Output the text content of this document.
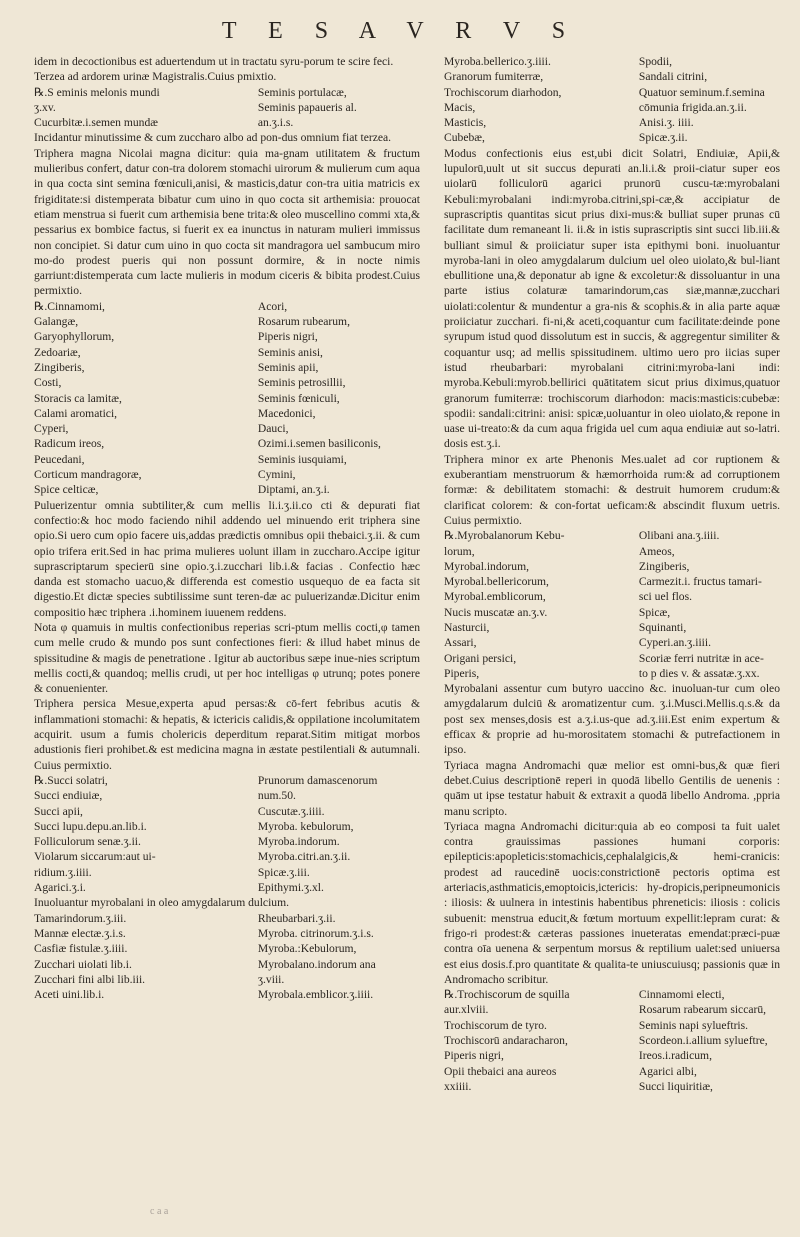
T E S A V R V S

idem in decoctionibus est aduertendum ut in tractatu syru-porum te scire feci.

Terzea ad ardorem urinæ Magistralis.Cuius pmixtio.

℞.S eminis melonis mundi	Seminis portulacæ,
ʒ.xv.	Seminis papaueris al.
Cucurbitæ.i.semen mundæ	an.ʒ.i.s.

Incidantur minutissime & cum zuccharo albo ad pon-dus omnium fiat terzea.

Triphera magna Nicolai magna dicitur: quia ma-gnam utilitatem & fructum mulieribus confert, datur con-tra dolorem stomachi uirorum & mulierum cum aqua in qua cocta sint semina fœniculi,anisi, & masticis,datur con-tra uitia matricis ex frigiditate:si distemperata bibatur cum uino in quo cocta sit arthemisia: prouocat etiam menstrua si fuerit cum arthemisia bene trita:& oleo muscellino commi xta,& pessarius ex bombice factus, si fuerit ex ea inunctus in naturam mulieri immissus non concipiet. Si datur cum uino in quo cocta sit mandragora uel sambucum miro mo-do prodest pueris qui non possunt dormire, & in nocte nimis garriunt:distemperata cum lacte mulieris in modum ciceris & bibita prodest.Cuius permixtio.

℞.Cinnamomi,	Acori,
Galangæ,	Rosarum rubearum,
Garyophyllorum,	Piperis nigri,
Zedoariæ,	Seminis anisi,
Zingiberis,	Seminis apii,
Costi,	Seminis petrosillii,
Storacis ca lamitæ,	Seminis fœniculi,
Calami aromatici,	Macedonici,
Cyperi,	Dauci,
Radicum ireos,	Ozimi.i.semen basiliconis,
Peucedani,	Seminis iusquiami,
Corticum mandragoræ,	Cymini,
Spice celticæ,	Diptami, an.ʒ.i.

Puluerizentur omnia subtiliter,& cum mellis li.i.ʒ.ii.co cti & depurati fiat confectio:& hoc modo faciendo nihil addendo uel minuendo erit triphera sine opio.Si uero cum opio facere uis,addas prædictis omnibus opii thebaici.ʒ.ii. & cum opio trifera erit.Sed in hac prima mulieres uolunt illam in zuccharo.Accipe igitur suprascriptarum specierū sine opio.ʒ.i.zucchari lib.i.& facias . Confectio hæc danda est stomacho uacuo,& differenda est comestio usquequo de ea facta sit digestio.Et dictæ species subtilissime sunt teren-dæ ac puluerizandæ.Dicitur enim compositio hæc triphera .i.hominem iuuenem reddens.

Nota φ quamuis in multis confectionibus reperias scri-ptum mellis cocti,φ tamen cum melle crudo & mundo pos sunt confectiones fieri: & illud habet minus de spissitudine & magis de penetratione . Igitur ab auctoribus sæpe inue-nies scriptum mellis cocti,& quandoq; mellis crudi, ut per hoc intelligas φ utrunq; potes ponere & conuenienter.

Triphera persica Mesue,experta apud persas:& cō-fert febribus acutis & inflammationi stomachi: & hepatis, & ictericis calidis,& oppilatione incolumitatem acquirit. usum a fumis cholericis deperditum reparat.Sitim mitigat morbos adustionis fieri prohibet.& est medicina magna in æstate pestilentiali & autumnali. Cuius permixtio.

℞.Succi solatri,	Prunorum damascenorum
Succi endiuiæ,	num.50.
Succi apii,	Cuscutæ.ʒ.iiii.
Succi lupu.depu.an.lib.i.	Myroba. kebulorum,
Folliculorum senæ.ʒ.ii.	Myroba.indorum.
Violarum siccarum:aut ui-	Myroba.citri.an.ʒ.ii.
ridium.ʒ.iiii.	Spicæ.ʒ.iii.
Agarici.ʒ.i.	Epithymi.ʒ.xl.

Inuoluantur myrobalani in oleo amygdalarum dulcium.

Tamarindorum.ʒ.iii.	Rheubarbari.ʒ.ii.
Mannæ electæ.ʒ.i.s.	Myroba. citrinorum.ʒ.i.s.
Casfiæ fistulæ.ʒ.iiii.	Myroba.:Kebulorum,
Zucchari uiolati lib.i.	Myrobalano.indorum ana
Zucchari fini albi lib.iii.	ʒ.viii.
Aceti uini.lib.i.	Myrobala.emblicor.ʒ.iiii.
Myroba.bellerico.ʒ.iiii.	Spodii,
Granorum fumiterræ,	Sandali citrini,
Trochiscorum diarhodon,	Quatuor seminum.f.semina
Macis,	cōmunia frigida.an.ʒ.ii.
Masticis,	Anisi.ʒ. iiii.
Cubebæ,	Spicæ.ʒ.ii.

Modus confectionis eius est,ubi dicit Solatri, Endiuiæ, Apii,& lupulorū,uult ut sit succus depurati an.li.i.& proii-ciatur super eos uiolarū folliculorū agarici prunorū cuscu-tæ:myrobalani Kebuli:myrobalani indi:myroba.citrini,spi-cæ,& accipiatur de suprascriptis quantitas sicut prius dixi-mus:& bulliat super prunas cū facilitate dum remaneant li. ii.& in istis suprascriptis sint succi lib.iii.& bulliant simul & proiiciatur super ista epithymi boni. inuoluantur myroba-lani in oleo amygdalarum dulcium uel oleo uiolato,& bul-liant ebullitione una,& deponatur ab igne & excoletur:& dissoluantur in una parte istius colaturæ tamarindorum,cas siæ,mannæ,zucchari uiolati:colentur & mundentur a gra-nis & scophis.& in alia parte aquæ proiiciatur zucchari. fi-ni,& aceti,coquantur cum facilitate:deinde pone syrupum istud quod dissolutum est in succis, & aggregentur similiter & coquantur usq; ad mellis spissitudinem. ultimo uero pro iicias super istud rheubarbari: myrobalani citrini:myroba-lani indi: myroba.Kebuli:myrob.bellirici quātitatem sicut prius diximus,quatuor granorum fumiterræ: trochiscorum diarhodon: macis:masticis:cubebæ: spodii: sandali:citrini: anisi: spicæ,uoluantur in oleo uiolato,& repone in uase ui-treato:& da cum aqua frigida uel cum aqua endiuiæ aut so-latri. dosis est.ʒ.i.

Triphera minor ex arte Phenonis Mes.ualet ad cor ruptionem & exuberantiam menstruorum & hæmorrhoida rum:& ad corruptionem formæ: & debilitatem stomachi: & destruit humorem crudum:& clarificat colorem: & con-fortat ueficam:& abscindit fluxum uetris. Cuius permixtio.

℞.Myrobalanorum Kebu-	Olibani ana.ʒ.iiii.
lorum,	Ameos,
Myrobal.indorum,	Zingiberis,
Myrobal.bellericorum,	Carmezit.i. fructus tamari-
Myrobal.emblicorum,	sci uel flos.
Nucis muscatæ an.ʒ.v.	Spicæ,
Nasturcii,	Squinanti,
Assari,	Cyperi.an.ʒ.iiii.
Origani persici,	Scoriæ ferri nutritæ in ace-
Piperis,	to p dies v. & assatæ.ʒ.xx.

Myrobalani assentur cum butyro uaccino &c. inuoluan-tur cum oleo amygdalarum dulciū & aromatizentur cum. ʒ.i.Musci.Mellis.q.s.& da post sex menses,dosis est a.ʒ.i.us-que ad.ʒ.iii.Est enim expertum & efficax & proprie ad hu-morositatem stomachi & putrefactionem in ipso.

Tyriaca magna Andromachi quæ melior est omni-bus,& quæ fieri debet.Cuius descriptionē reperi in quodā libello Gentilis de uenenis : quām ut ipse testatur habuit & extraxit a quodā libello Androma. ,ppria manu scripto.

Tyriaca magna Andromachi dicitur:quia ab eo composi ta fuit ualet contra grauissimas passiones humani corporis: epilepticis:apopleticis:stomachicis,cephalalgicis,& hemi-cranicis: prodest ad raucedinē uocis:constrictionē pectoris optima est arteriacis,asthmaticis,emoptoicis,ictericis: hy-dropicis,peripneumonicis : iliosis: & uulnera in intestinis habentibus phreneticis: iliosis : colicis subuenit: menstrua educit,& fœtum mortuum expellit:lepram curat: & frigo-ri prodest:& cæteras passiones inueteratas emendat:præci-puæ contra oīa uenena & serpentum morsus & reptilium ualet:sed uniuersa est eius dosis.f.pro quantitate & qualita-te uniuscuiusq; passionis quæ in Andromacho scribitur.

℞.Trochiscorum de squilla	Cinnamomi electi,
aur.xlviii.	Rosarum rabearum siccarū,
Trochiscorum de tyro.	Seminis napi sylueftris.
Trochiscorū andaracharon,	Scordeon.i.allium sylueftre,
Piperis nigri,	Ireos.i.radicum,
Opii thebaici ana aureos	Agarici albi,
xxiiii.	Succi liquiritiæ,
c a a
